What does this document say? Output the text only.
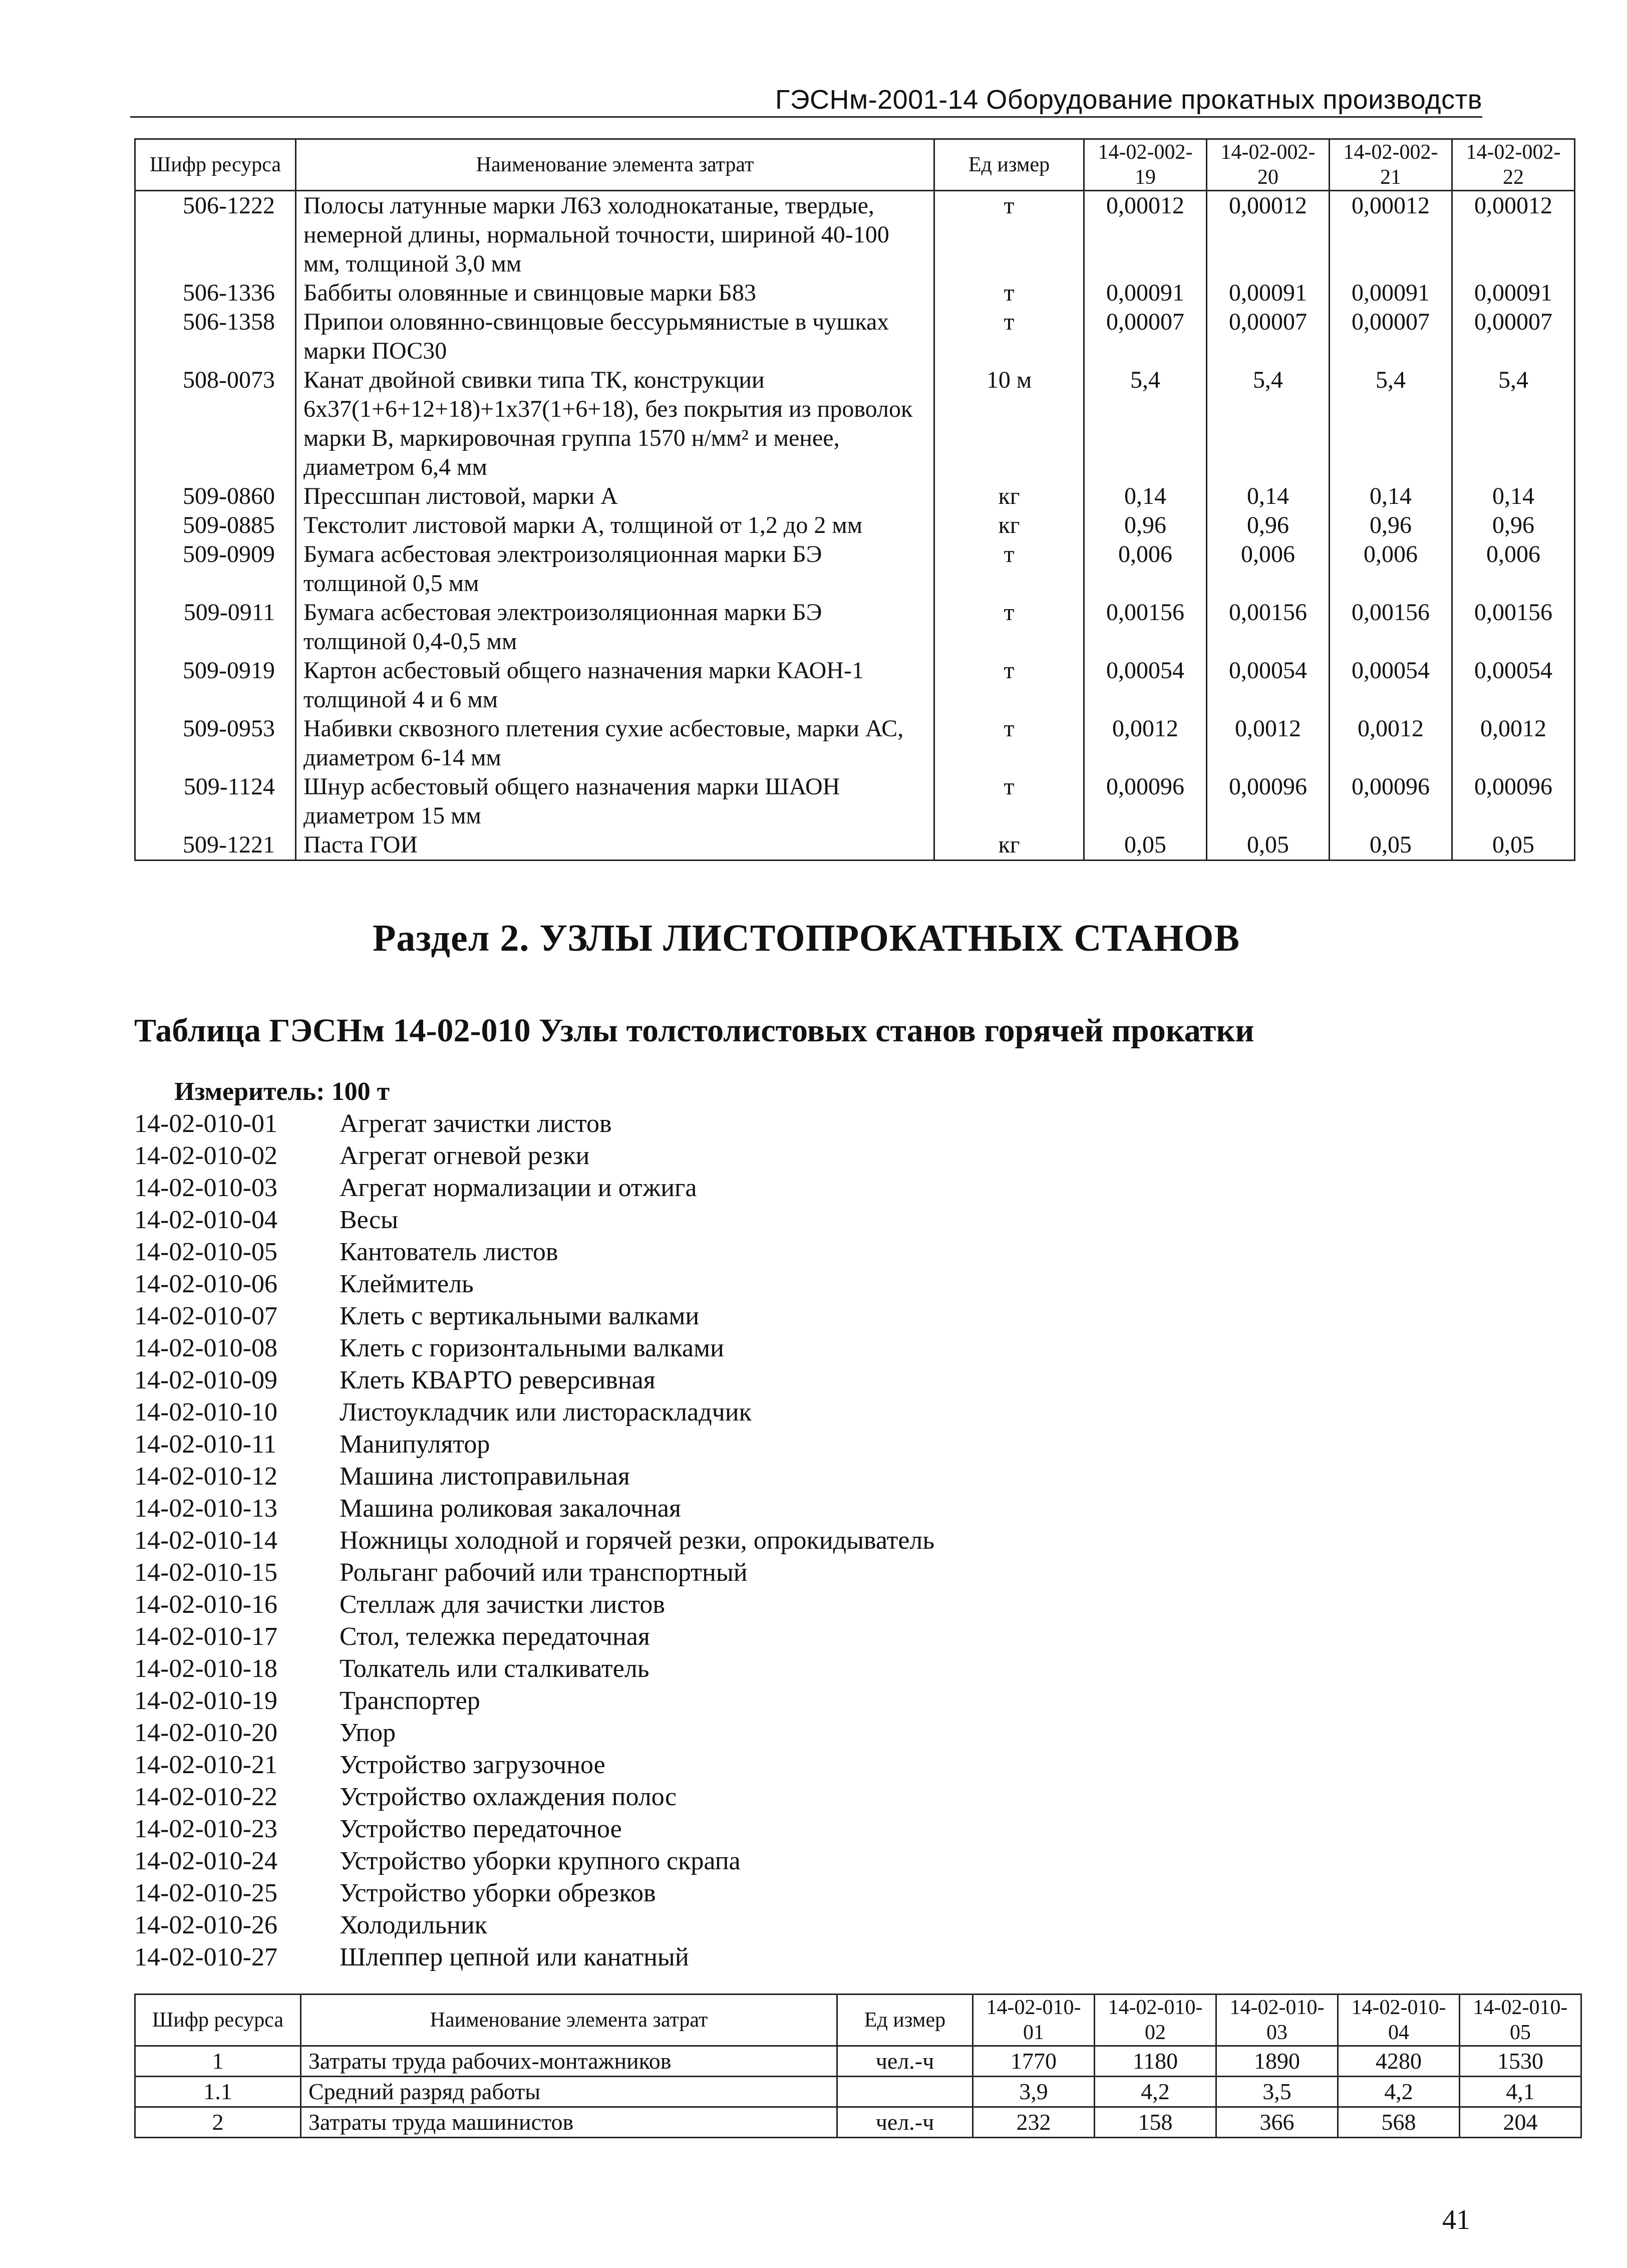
ГЭСНм-2001-14 Оборудование прокатных производств
Шифр ресурса	Наименование элемента затрат	Ед измер	14-02-002-19	14-02-002-20	14-02-002-21	14-02-002-22
506-1222	Полосы латунные марки Л63 холоднокатаные, твердые, немерной длины, нормальной точности, шириной 40-100 мм, толщиной 3,0 мм	т	0,00012	0,00012	0,00012	0,00012
506-1336	Баббиты оловянные и свинцовые марки Б83	т	0,00091	0,00091	0,00091	0,00091
506-1358	Припои оловянно-свинцовые бессурьмянистые в чушках марки ПОС30	т	0,00007	0,00007	0,00007	0,00007
508-0073	Канат двойной свивки типа ТК, конструкции 6х37(1+6+12+18)+1х37(1+6+18), без покрытия из проволок марки В, маркировочная группа 1570 н/мм² и менее, диаметром 6,4 мм	10 м	5,4	5,4	5,4	5,4
509-0860	Прессшпан листовой, марки А	кг	0,14	0,14	0,14	0,14
509-0885	Текстолит листовой марки А, толщиной от 1,2 до 2 мм	кг	0,96	0,96	0,96	0,96
509-0909	Бумага асбестовая электроизоляционная марки БЭ толщиной 0,5 мм	т	0,006	0,006	0,006	0,006
509-0911	Бумага асбестовая электроизоляционная марки БЭ толщиной 0,4-0,5 мм	т	0,00156	0,00156	0,00156	0,00156
509-0919	Картон асбестовый общего назначения марки КАОН-1 толщиной 4 и 6 мм	т	0,00054	0,00054	0,00054	0,00054
509-0953	Набивки сквозного плетения сухие асбестовые, марки АС, диаметром 6-14 мм	т	0,0012	0,0012	0,0012	0,0012
509-1124	Шнур асбестовый общего назначения марки ШАОН диаметром 15 мм	т	0,00096	0,00096	0,00096	0,00096
509-1221	Паста ГОИ	кг	0,05	0,05	0,05	0,05
Раздел 2. УЗЛЫ ЛИСТОПРОКАТНЫХ СТАНОВ
Таблица ГЭСНм 14-02-010 Узлы толстолистовых станов горячей прокатки
Измеритель: 100 т
14-02-010-01	Агрегат зачистки листов
14-02-010-02	Агрегат огневой резки
14-02-010-03	Агрегат нормализации и отжига
14-02-010-04	Весы
14-02-010-05	Кантователь листов
14-02-010-06	Клеймитель
14-02-010-07	Клеть с вертикальными валками
14-02-010-08	Клеть с горизонтальными валками
14-02-010-09	Клеть КВАРТО реверсивная
14-02-010-10	Листоукладчик или листораскладчик
14-02-010-11	Манипулятор
14-02-010-12	Машина листоправильная
14-02-010-13	Машина роликовая закалочная
14-02-010-14	Ножницы холодной и горячей резки, опрокидыватель
14-02-010-15	Рольганг рабочий или транспортный
14-02-010-16	Стеллаж для зачистки листов
14-02-010-17	Стол, тележка передаточная
14-02-010-18	Толкатель или сталкиватель
14-02-010-19	Транспортер
14-02-010-20	Упор
14-02-010-21	Устройство загрузочное
14-02-010-22	Устройство охлаждения полос
14-02-010-23	Устройство передаточное
14-02-010-24	Устройство уборки крупного скрапа
14-02-010-25	Устройство уборки обрезков
14-02-010-26	Холодильник
14-02-010-27	Шлеппер цепной или канатный
Шифр ресурса	Наименование элемента затрат	Ед измер	14-02-010-01	14-02-010-02	14-02-010-03	14-02-010-04	14-02-010-05
1	Затраты труда рабочих-монтажников	чел.-ч	1770	1180	1890	4280	1530
1.1	Средний разряд работы		3,9	4,2	3,5	4,2	4,1
2	Затраты труда машинистов	чел.-ч	232	158	366	568	204
41
